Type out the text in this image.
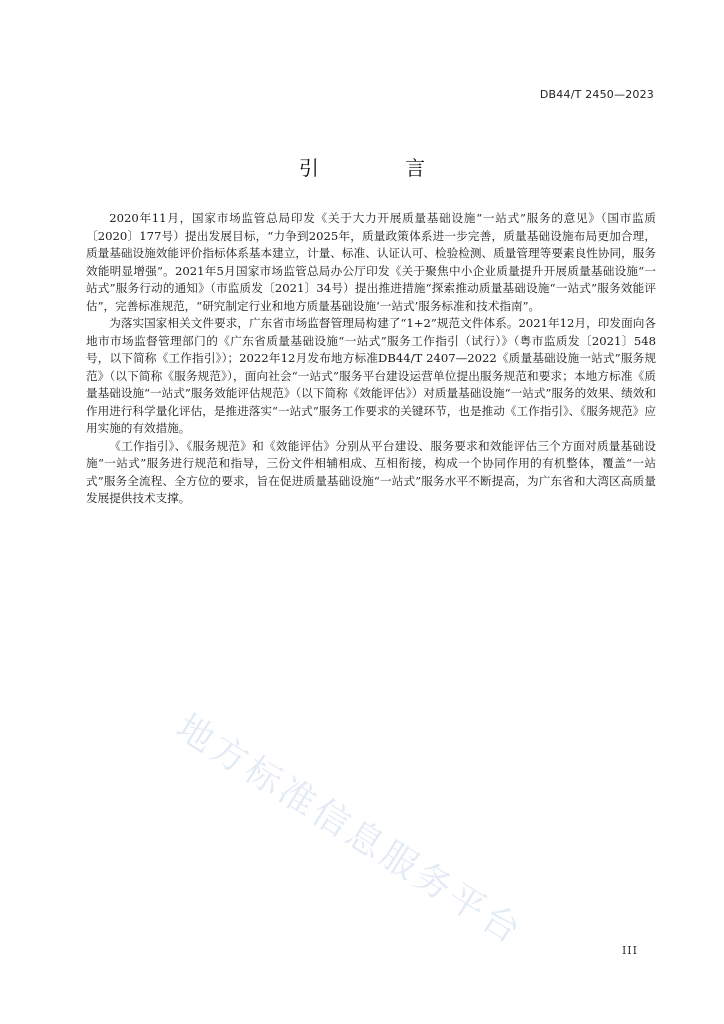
DB44/T 2450—2023
引 言

2020年11月，国家市场监管总局印发《关于大力开展质量基础设施“一站式”服务的意见》（国市监质〔2020〕177号）提出发展目标，“力争到2025年，质量政策体系进一步完善，质量基础设施布局更加合理，质量基础设施效能评价指标体系基本建立，计量、标准、认证认可、检验检测、质量管理等要素良性协同，服务效能明显增强”。2021年5月国家市场监管总局办公厅印发《关于聚焦中小企业质量提升开展质量基础设施“一站式”服务行动的通知》（市监质发〔2021〕34号）提出推进措施“探索推动质量基础设施“一站式”服务效能评估”，完善标准规范，“研究制定行业和地方质量基础设施‘一站式’服务标准和技术指南”。

为落实国家相关文件要求，广东省市场监督管理局构建了“1+2”规范文件体系。2021年12月，印发面向各地市市场监督管理部门的《广东省质量基础设施“一站式”服务工作指引（试行）》（粤市监质发〔2021〕548号，以下简称《工作指引》）；2022年12月发布地方标准DB44/T 2407—2022《质量基础设施一站式”服务规范》（以下简称《服务规范》），面向社会“一站式”服务平台建设运营单位提出服务规范和要求；本地方标准《质量基础设施“一站式”服务效能评估规范》（以下简称《效能评估》）对质量基础设施“一站式”服务的效果、绩效和作用进行科学量化评估，是推进落实“一站式”服务工作要求的关键环节，也是推动《工作指引》、《服务规范》应用实施的有效措施。

《工作指引》、《服务规范》和《效能评估》分别从平台建设、服务要求和效能评估三个方面对质量基础设施“一站式”服务进行规范和指导，三份文件相辅相成、互相衔接，构成一个协同作用的有机整体，覆盖“一站式”服务全流程、全方位的要求，旨在促进质量基础设施“一站式”服务水平不断提高，为广东省和大湾区高质量发展提供技术支撑。

地方标准信息服务平台	III
